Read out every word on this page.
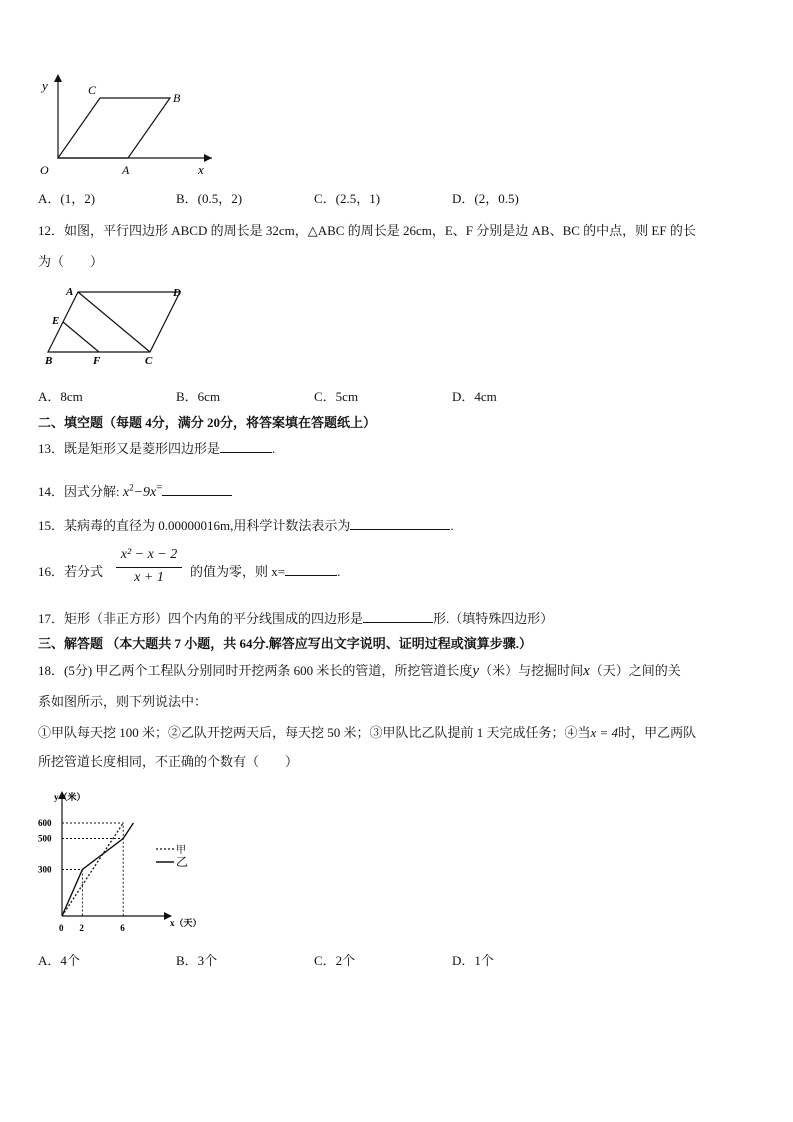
y
x
O	A
B
C
A．(1，2)	B．(0.5，2)	C．(2.5，1)	D．(2，0.5)
12．如图，平行四边形 ABCD 的周长是 32cm，△ABC 的周长是 26cm，E、F 分别是边 AB、BC 的中点，则 EF 的长
为（　　）
A	D
E
B	F	C
A．8cm	B．6cm	C．5cm	D．4cm
二、填空题（每题 4分，满分 20分，将答案填在答题纸上）
13．既是矩形又是菱形四边形是	.
14．因式分解: $x^2-9x^=$
15．某病毒的直径为 0.00000016m,用科学计数法表示为	.
16．若分式
x² − x − 2
x + 1	的值为零，则 x=	.
17．矩形（非正方形）四个内角的平分线围成的四边形是	形.（填特殊四边形）
三、解答题 （本大题共 7 小题，共 64分.解答应写出文字说明、证明过程或演算步骤.）
18．(5分) 甲乙两个工程队分别同时开挖两条 600 米长的管道，所挖管道长度y（米）与挖掘时间x（天）之间的关
系如图所示，则下列说法中：
①甲队每天挖 100 米；②乙队开挖两天后，每天挖 50 米；③甲队比乙队提前 1 天完成任务；④当x = 4时，甲乙两队
所挖管道长度相同，不正确的个数有（　　）
y（米）
x（天）
600
500
300
0 2	6
甲
乙
A．4个	B．3个	C．2个	D．1个
